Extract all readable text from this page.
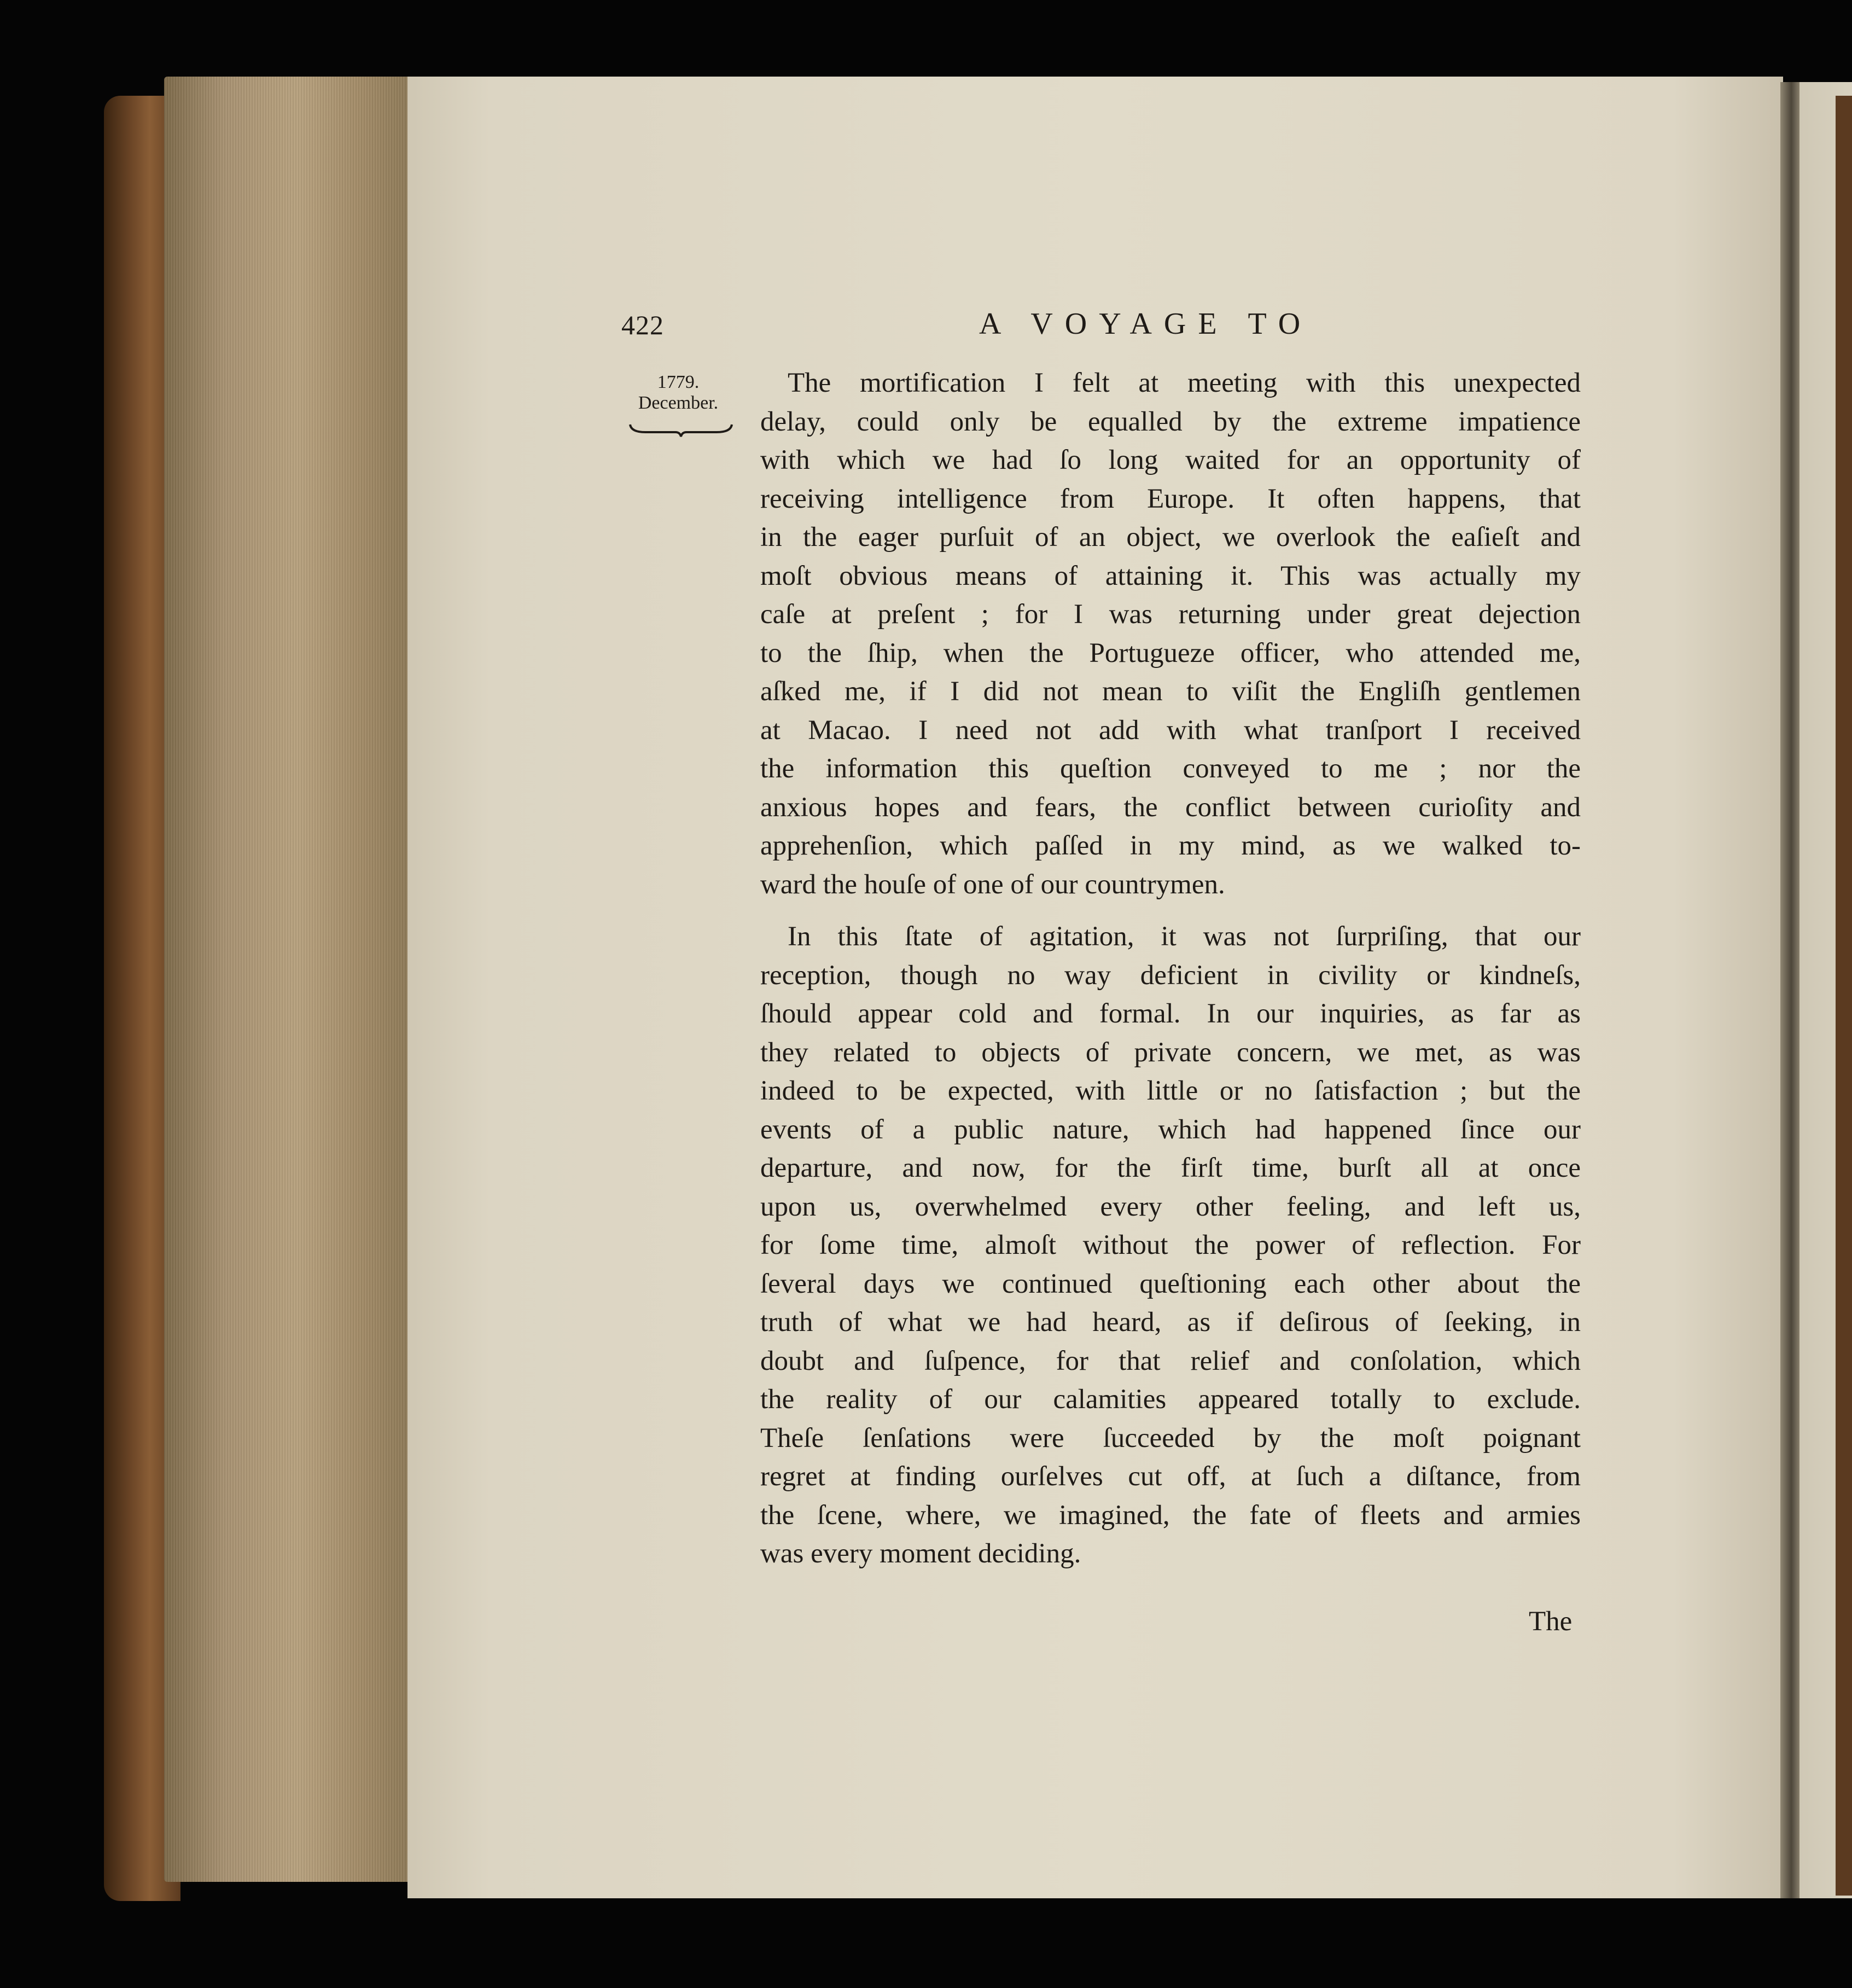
422	A VOYAGE TO
1779.
December.
The mortification I felt at meeting with this unexpected
delay, could only be equalled by the extreme impatience
with which we had ſo long waited for an opportunity of
receiving intelligence from Europe. It often happens, that
in the eager purſuit of an object, we overlook the eaſieſt and
moſt obvious means of attaining it. This was actually my
caſe at preſent ; for I was returning under great dejection
to the ſhip, when the Portugueze officer, who attended me,
aſked me, if I did not mean to viſit the Engliſh gentlemen
at Macao. I need not add with what tranſport I received
the information this queſtion conveyed to me ; nor the
anxious hopes and fears, the conflict between curioſity and
apprehenſion, which paſſed in my mind, as we walked to-
ward the houſe of one of our countrymen.
In this ſtate of agitation, it was not ſurpriſing, that our
reception, though no way deficient in civility or kindneſs,
ſhould appear cold and formal. In our inquiries, as far as
they related to objects of private concern, we met, as was
indeed to be expected, with little or no ſatisfaction ; but the
events of a public nature, which had happened ſince our
departure, and now, for the firſt time, burſt all at once
upon us, overwhelmed every other feeling, and left us,
for ſome time, almoſt without the power of reflection. For
ſeveral days we continued queſtioning each other about the
truth of what we had heard, as if deſirous of ſeeking, in
doubt and ſuſpence, for that relief and conſolation, which
the reality of our calamities appeared totally to exclude.
Theſe ſenſations were ſucceeded by the moſt poignant
regret at finding ourſelves cut off, at ſuch a diſtance, from
the ſcene, where, we imagined, the fate of fleets and armies
was every moment deciding.
The
